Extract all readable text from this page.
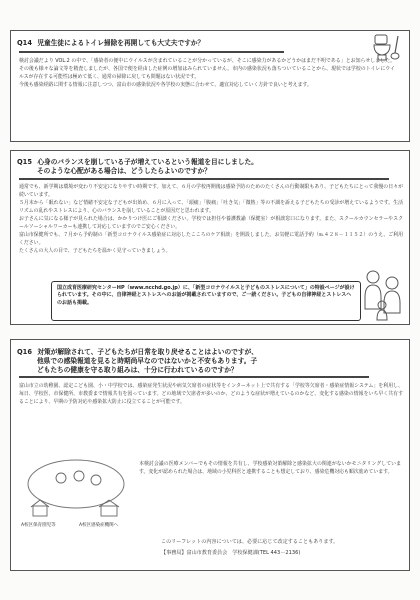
Q14 児童生徒によるトイレ掃除を再開しても大丈夫ですか？
検討会議だより VOL.2 の中で、「感染者の便中にウイルスが含まれていることが分かっているが、そこに感染力があるかどうかはまだ不明である」とお知らせしました。その後も様々な論文等を精査しましたが、各国で便を経由した症例の増加はみられていません。市内の感染状況も落ちついていることから、現状では学校のトイレにウイルスが存在する可能性は極めて低く、通常の掃除に戻しても問題はない状況です。
今後も感染経路に関する情報に注意しつつ、富山市の感染状況や各学校の実態に合わせて、適宜対応していく方針で良いと考えます。
Q15 心身のバランスを崩している子が増えているという報道を目にしました。
そのような心配がある場合は、どうしたらよいのですか？
通常でも、新学期は環境が変わり不安定になりやすい時期です。加えて、６月の学校再開後は感染予防のためのたくさんの行動制限もあり、子どもたちにとって我慢の日々が続いています。
５月末から「眠れない」など情緒不安定な子どもが出始め、６月に入って、「頭痛」「腹痛」「吐き気」「微熱」等の不調を訴える子どもたちの受診が増えているようです。生活リズムの乱れやストレスにより、心のバランスを崩していることが原因だと思われます。
お子さんに気になる様子が見られた場合は、かかりつけ医にご相談ください。学校では担任や養護教諭（保健室）が相談窓口になります。また、スクールカウンセラーやスクールソーシャルワーカーも連携して対応していますのでご安心ください。
富山市保健所でも、７月から予約制の「新型コロナウイルス感染症に対応したこころのケア相談」を開設しました。お気軽に電話予約（℡４２８－１１５２）のうえ、ご利用ください。
たくさんの大人の目で、子どもたちを温かく見守っていきましょう。
国立成育医療研究センターHP（www.ncchd.go.jp）に、「新型コロナウイルスと子どものストレスについて」の特設ページが設けられています。その中に、自律神経とストレスへのお話が掲載されていますので、ご一読ください。子どもの自律神経とストレスへのお話も掲載。
Q16 対策が解除されて、子どもたちが日常を取り戻せることはよいのですが、
他県での感染報道を見ると時期尚早なのではないかと不安もあります。子
どもたちの健康を守る取り組みは、十分に行われているのですか？
富山市立の幼稚園、認定こども園、小・中学校では、感染症発生状況や病気欠席者の症状等をインターネット上で共有する「学校等欠席者・感染症情報システム」を利用し、毎日、学校医、市保健所、市教委まで情報共有を図っています。どの地域で欠席者が多いのか、どのような症状が増えているのかなど、変化する感染の情報をいち早く共有することにより、早期の予防対応や感染拡大防止に役立てることが可能です。
A校区保育園児等	A校区感染症機関へ
本検討会議の医療メンバーでもその情報を共有し、学校感染対策解除と感染拡大の関連がないかモニタリングしています。変化が認められた場合は、地域の小児科医と連携することも想定しており、感染危機対応も順次進めています。
このリーフレットの内容については、必要に応じて改定することもあります。
【事務局】富山市教育委員会　学校保健課(TEL 443－2136)
